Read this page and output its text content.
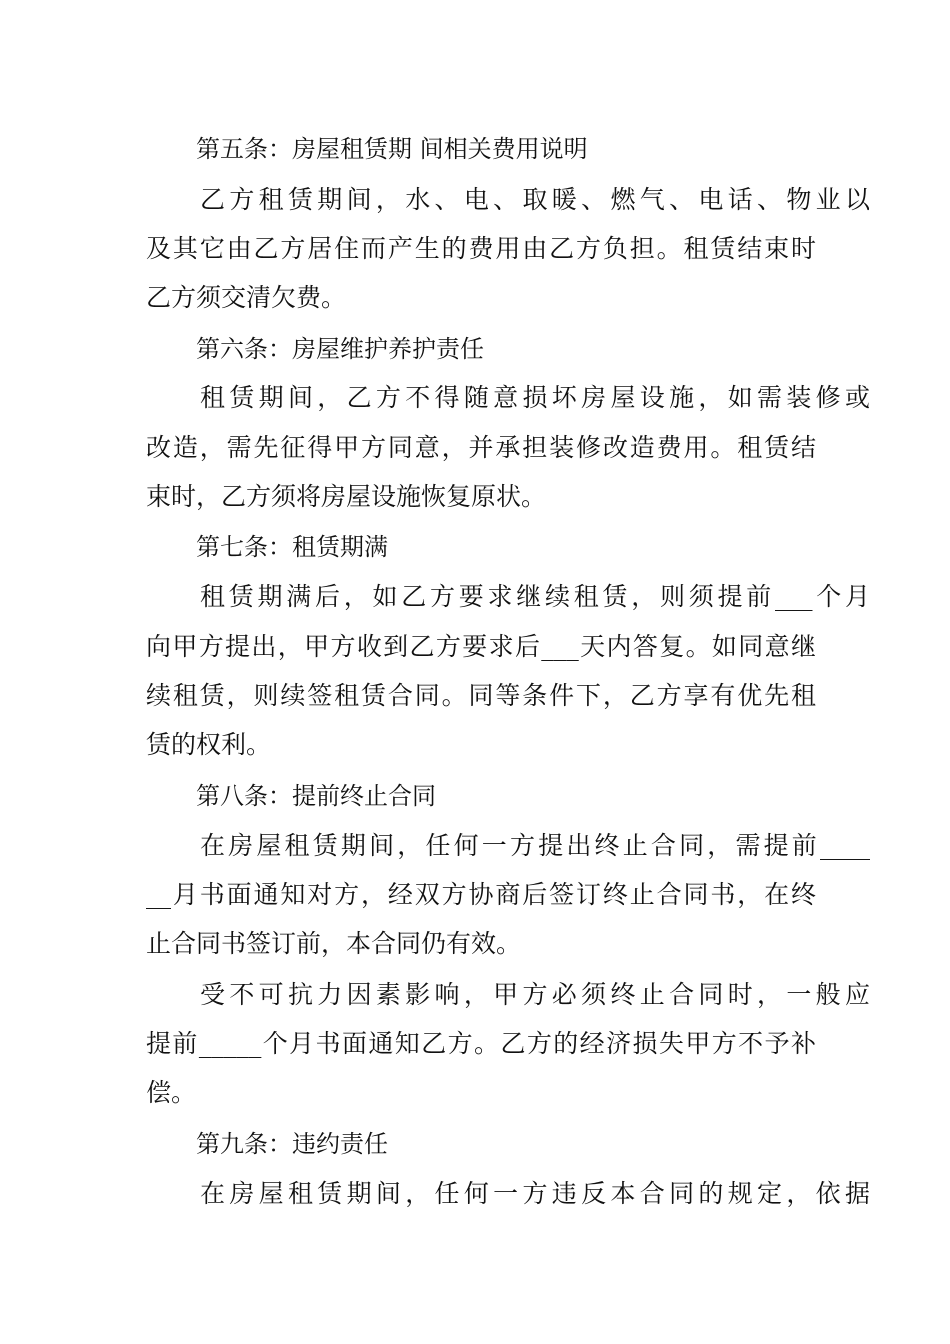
第五条：房屋租赁期 间相关费用说明
乙方租赁期间，水、电、取暖、燃气、电话、物业以
及其它由乙方居住而产生的费用由乙方负担。租赁结束时
乙方须交清欠费。
第六条：房屋维护养护责任
租赁期间，乙方不得随意损坏房屋设施，如需装修或
改造，需先征得甲方同意，并承担装修改造费用。租赁结
束时，乙方须将房屋设施恢复原状。
第七条：租赁期满
租赁期满后，如乙方要求继续租赁，则须提前___个月
向甲方提出，甲方收到乙方要求后___天内答复。如同意继
续租赁，则续签租赁合同。同等条件下，乙方享有优先租
赁的权利。
第八条：提前终止合同
在房屋租赁期间，任何一方提出终止合同，需提前____
__月书面通知对方，经双方协商后签订终止合同书，在终
止合同书签订前，本合同仍有效。
受不可抗力因素影响，甲方必须终止合同时，一般应
提前_____个月书面通知乙方。乙方的经济损失甲方不予补
偿。
第九条：违约责任
在房屋租赁期间，任何一方违反本合同的规定，依据
